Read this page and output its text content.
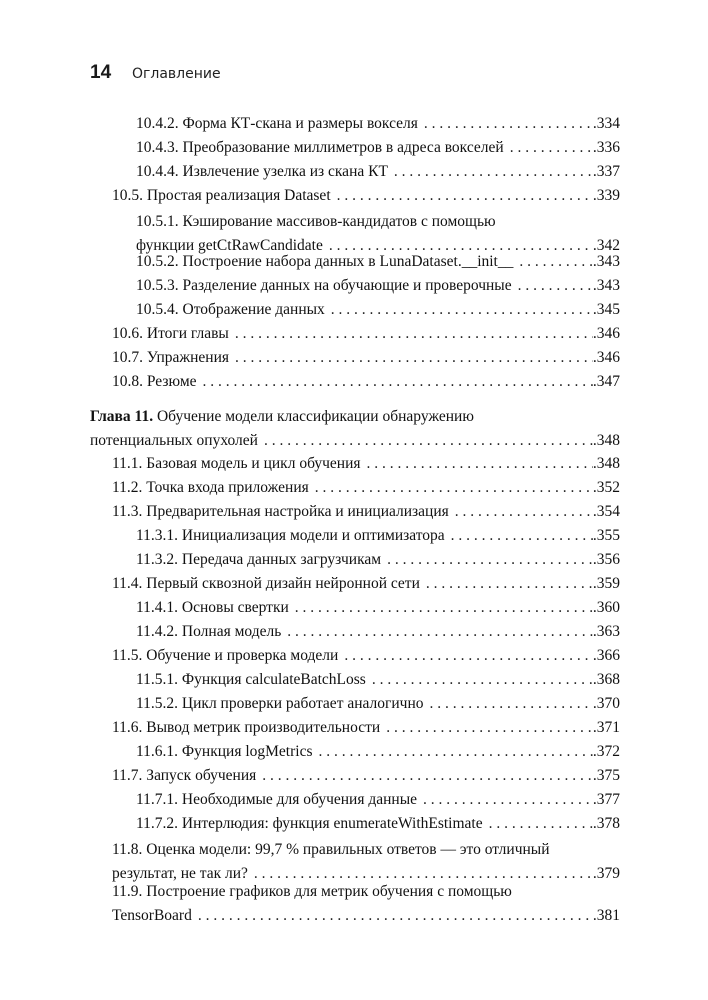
14	Оглавление
10.4.2. Форма КТ-скана и размеры вокселя . . .	.334
10.4.3. Преобразование миллиметров в адреса вокселей . . .	.336
10.4.4. Извлечение узелка из скана КТ . . .	.337
10.5. Простая реализация Dataset . . .	.339
10.5.1. Кэширование массивов-кандидатов с помощью
функции getCtRawCandidate . . .	.342
10.5.2. Построение набора данных в LunaDataset.__init__ . . .	.343
10.5.3. Разделение данных на обучающие и проверочные . . .	.343
10.5.4. Отображение данных . . .	.345
10.6. Итоги главы . . .	.346
10.7. Упражнения . . .	.346
10.8. Резюме . . .	.347
Глава 11. Обучение модели классификации обнаружению
потенциальных опухолей . . .	.348
11.1. Базовая модель и цикл обучения . . .	.348
11.2. Точка входа приложения . . .	.352
11.3. Предварительная настройка и инициализация . . .	.354
11.3.1. Инициализация модели и оптимизатора . . .	.355
11.3.2. Передача данных загрузчикам . . .	.356
11.4. Первый сквозной дизайн нейронной сети . . .	.359
11.4.1. Основы свертки . . .	.360
11.4.2. Полная модель . . .	.363
11.5. Обучение и проверка модели . . .	.366
11.5.1. Функция calculateBatchLoss . . .	.368
11.5.2. Цикл проверки работает аналогично . . .	.370
11.6. Вывод метрик производительности . . .	.371
11.6.1. Функция logMetrics . . .	.372
11.7. Запуск обучения . . .	.375
11.7.1. Необходимые для обучения данные . . .	.377
11.7.2. Интерлюдия: функция enumerateWithEstimate . . .	.378
11.8. Оценка модели: 99,7 % правильных ответов — это отличный
результат, не так ли? . . .	.379
11.9. Построение графиков для метрик обучения с помощью
TensorBoard . . .	.381
